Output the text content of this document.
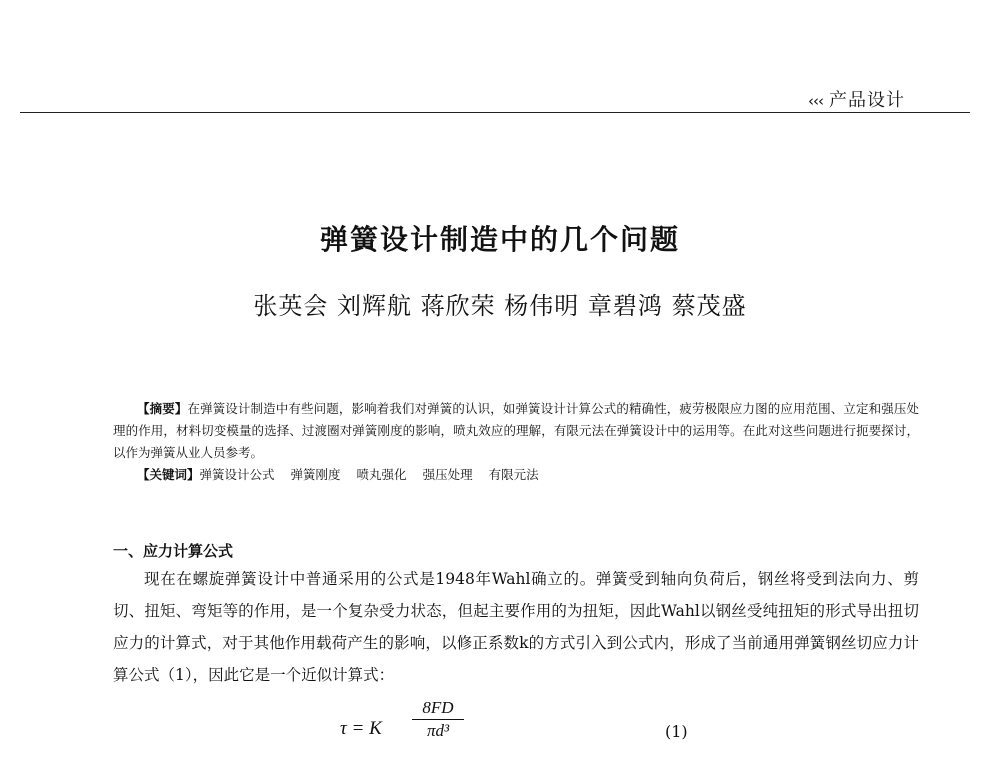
‹‹‹ 产品设计
弹簧设计制造中的几个问题
张英会 刘辉航 蒋欣荣 杨伟明 章碧鸿 蔡茂盛

【摘要】在弹簧设计制造中有些问题，影响着我们对弹簧的认识，如弹簧设计计算公式的精确性，疲劳极限应力图的应用范围、立定和强压处理的作用，材料切变模量的选择、过渡圈对弹簧刚度的影响，喷丸效应的理解，有限元法在弹簧设计中的运用等。在此对这些问题进行扼要探讨，以作为弹簧从业人员参考。

【关键词】弹簧设计公式 弹簧刚度 喷丸强化 强压处理 有限元法

一、应力计算公式

现在在螺旋弹簧设计中普通采用的公式是1948年Wahl确立的。弹簧受到轴向负荷后，钢丝将受到法向力、剪切、扭矩、弯矩等的作用，是一个复杂受力状态，但起主要作用的为扭矩，因此Wahl以钢丝受纯扭矩的形式导出扭切应力的计算式，对于其他作用载荷产生的影响，以修正系数k的方式引入到公式内，形成了当前通用弹簧钢丝切应力计算公式（1），因此它是一个近似计算式：

τ = K $\frac{8FD}{\text{πd³}}$	(1)
